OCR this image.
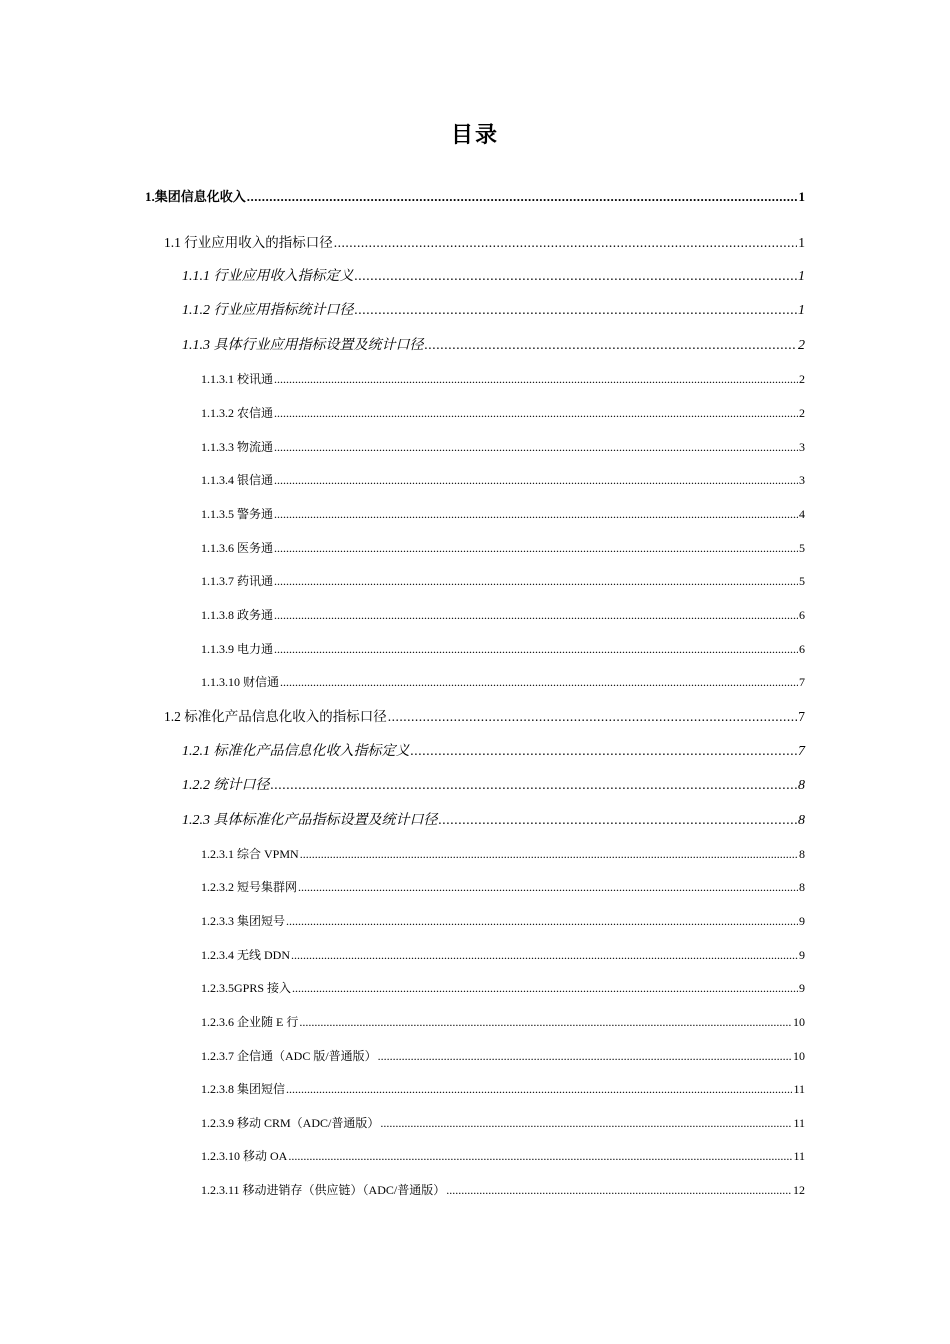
目录
1.集团信息化收入 .....	1
1.1 行业应用收入的指标口径 .....	1
1.1.1 行业应用收入指标定义 .....	1
1.1.2 行业应用指标统计口径 .....	1
1.1.3 具体行业应用指标设置及统计口径 .....	2
1.1.3.1 校讯通 .....	2
1.1.3.2 农信通 .....	2
1.1.3.3 物流通 .....	3
1.1.3.4 银信通 .....	3
1.1.3.5 警务通 .....	4
1.1.3.6 医务通 .....	5
1.1.3.7 药讯通 .....	5
1.1.3.8 政务通 .....	6
1.1.3.9 电力通 .....	6
1.1.3.10 财信通 .....	7
1.2 标准化产品信息化收入的指标口径 .....	7
1.2.1 标准化产品信息化收入指标定义 .....	7
1.2.2 统计口径 .....	8
1.2.3 具体标准化产品指标设置及统计口径 .....	8
1.2.3.1 综合 VPMN .....	8
1.2.3.2 短号集群网 .....	8
1.2.3.3 集团短号 .....	9
1.2.3.4 无线 DDN .....	9
1.2.3.5GPRS 接入 .....	9
1.2.3.6 企业随 E 行 .....	10
1.2.3.7 企信通（ADC 版/普通版） .....	10
1.2.3.8 集团短信 .....	11
1.2.3.9 移动 CRM（ADC/普通版） .....	11
1.2.3.10 移动 OA .....	11
1.2.3.11 移动进销存（供应链）（ADC/普通版） .....	12
